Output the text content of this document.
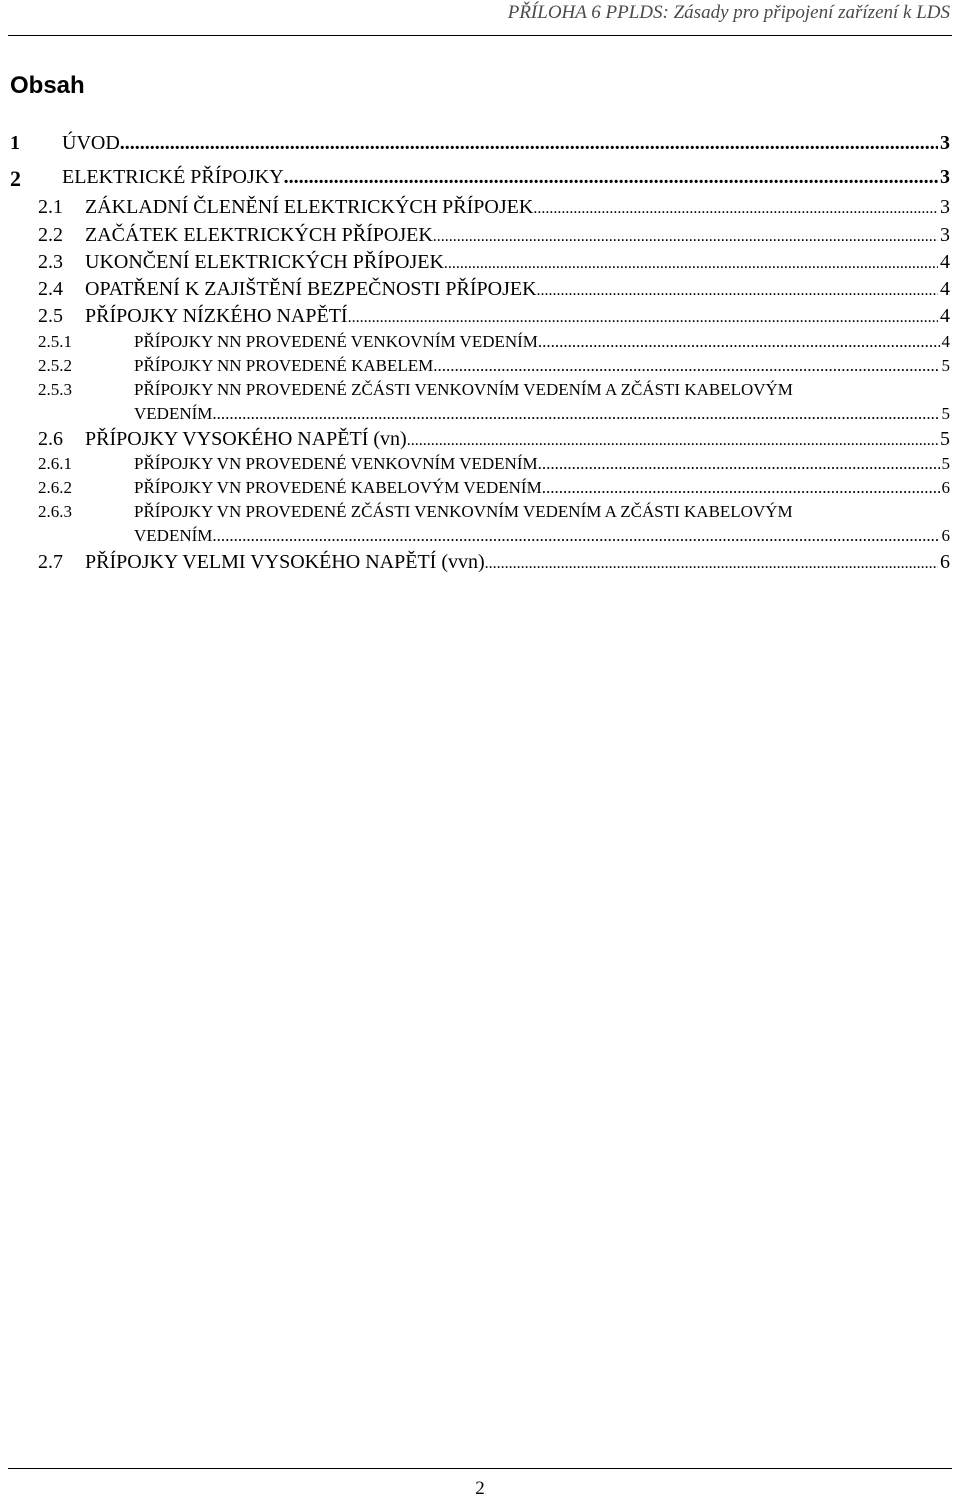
PŘÍLOHA 6 PPLDS: Zásady pro připojení zařízení k LDS
Obsah
1 ÚVOD .....	3
2 ELEKTRICKÉ PŘÍPOJKY .....	3
2.1 ZÁKLADNÍ ČLENĚNÍ ELEKTRICKÝCH PŘÍPOJEK .....	3
2.2 ZAČÁTEK ELEKTRICKÝCH PŘÍPOJEK .....	3
2.3 UKONČENÍ ELEKTRICKÝCH PŘÍPOJEK .....	4
2.4 OPATŘENÍ K ZAJIŠTĚNÍ BEZPEČNOSTI PŘÍPOJEK .....	4
2.5 PŘÍPOJKY NÍZKÉHO NAPĚTÍ .....	4
2.5.1	PŘÍPOJKY NN PROVEDENÉ VENKOVNÍM VEDENÍM .....	4
2.5.2	PŘÍPOJKY NN PROVEDENÉ KABELEM .....	5
2.5.3	PŘÍPOJKY NN PROVEDENÉ ZČÁSTI VENKOVNÍM VEDENÍM A ZČÁSTI KABELOVÝM
VEDENÍM .....	5
2.6 PŘÍPOJKY VYSOKÉHO NAPĚTÍ (vn) .....	5
2.6.1	PŘÍPOJKY VN PROVEDENÉ VENKOVNÍM VEDENÍM .....	5
2.6.2	PŘÍPOJKY VN PROVEDENÉ KABELOVÝM VEDENÍM .....	6
2.6.3	PŘÍPOJKY VN PROVEDENÉ ZČÁSTI VENKOVNÍM VEDENÍM A ZČÁSTI KABELOVÝM
VEDENÍM .....	6
2.7 PŘÍPOJKY VELMI VYSOKÉHO NAPĚTÍ (vvn) .....	6
2
